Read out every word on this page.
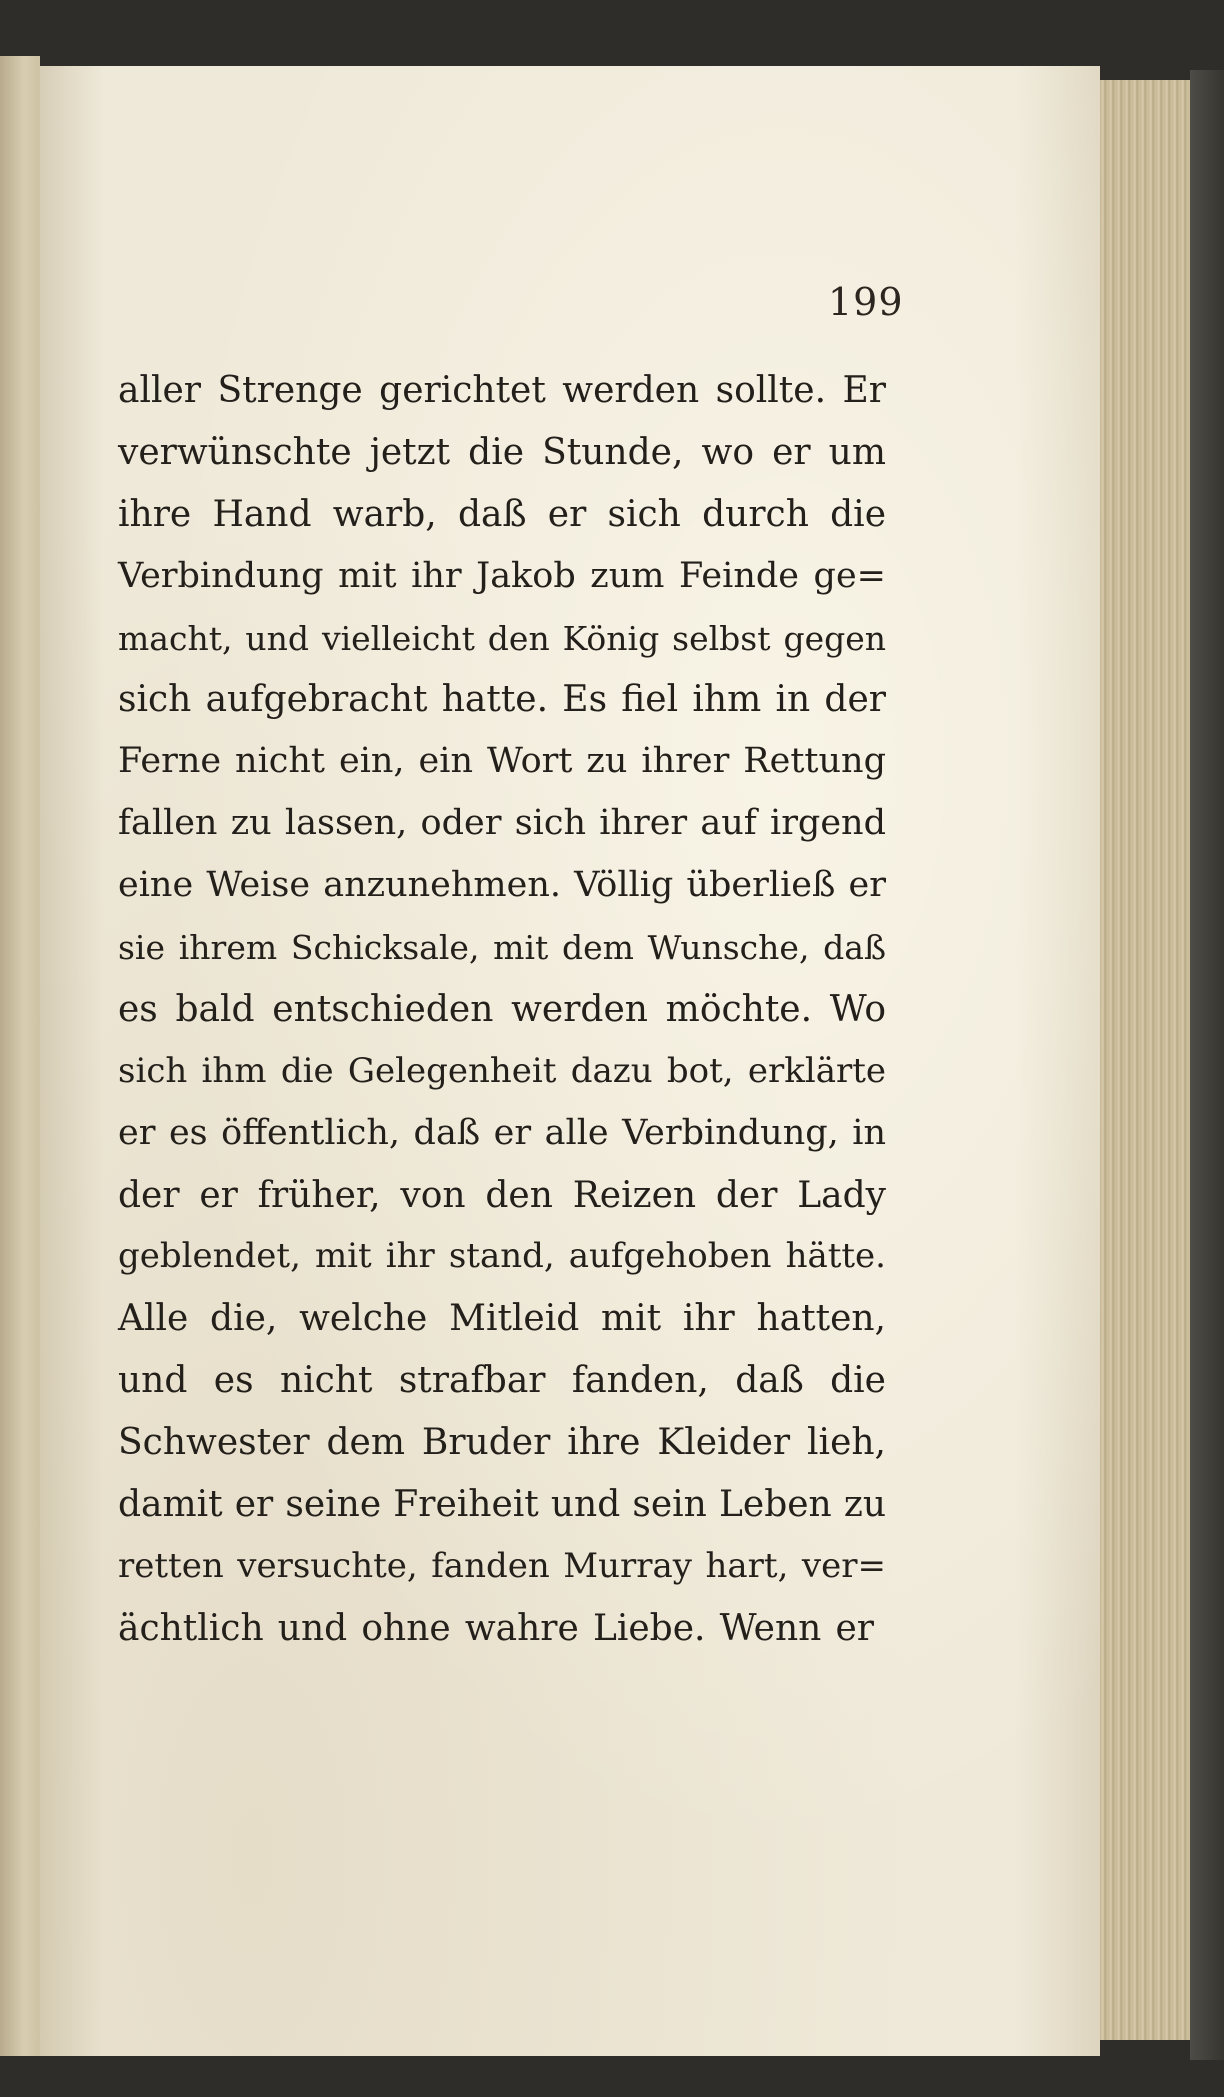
199
aller Strenge gerichtet werden sollte. Er
verwünschte jetzt die Stunde, wo er um
ihre Hand warb, daß er sich durch die
Verbindung mit ihr Jakob zum Feinde ge=
macht, und vielleicht den König selbst gegen
sich aufgebracht hatte. Es fiel ihm in der
Ferne nicht ein, ein Wort zu ihrer Rettung
fallen zu lassen, oder sich ihrer auf irgend
eine Weise anzunehmen. Völlig überließ er
sie ihrem Schicksale, mit dem Wunsche, daß
es bald entschieden werden möchte. Wo
sich ihm die Gelegenheit dazu bot, erklärte
er es öffentlich, daß er alle Verbindung, in
der er früher, von den Reizen der Lady
geblendet, mit ihr stand, aufgehoben hätte.
Alle die, welche Mitleid mit ihr hatten,
und es nicht strafbar fanden, daß die
Schwester dem Bruder ihre Kleider lieh,
damit er seine Freiheit und sein Leben zu
retten versuchte, fanden Murray hart, ver=
ächtlich und ohne wahre Liebe. Wenn er
